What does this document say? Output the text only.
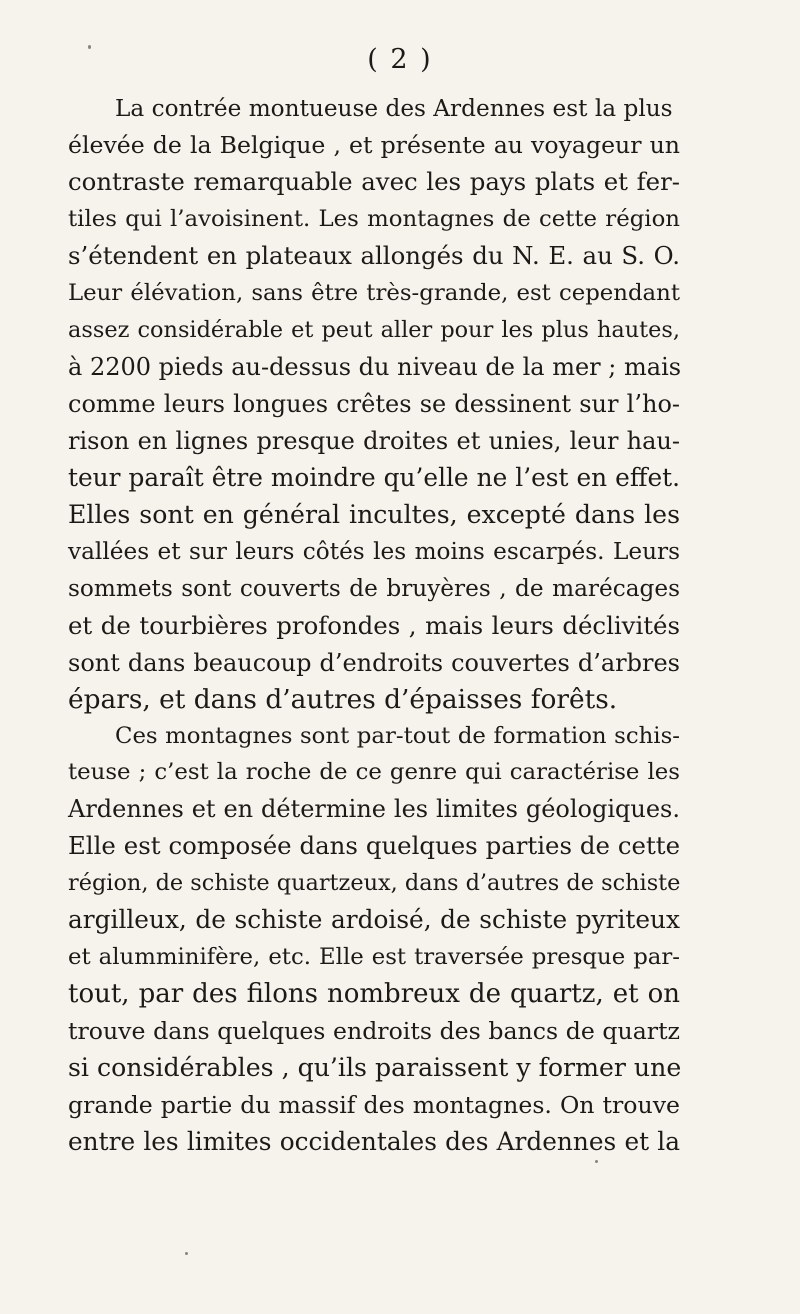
( 2 )
La contrée montueuse des Ardennes est la plus
élevée de la Belgique , et présente au voyageur un
contraste remarquable avec les pays plats et fer-
tiles qui l’avoisinent. Les montagnes de cette région
s’étendent en plateaux allongés du N. E. au S. O.
Leur élévation, sans être très-grande, est cependant
assez considérable et peut aller pour les plus hautes,
à 2200 pieds au-dessus du niveau de la mer ; mais
comme leurs longues crêtes se dessinent sur l’ho-
rison en lignes presque droites et unies, leur hau-
teur paraît être moindre qu’elle ne l’est en effet.
Elles sont en général incultes, excepté dans les
vallées et sur leurs côtés les moins escarpés. Leurs
sommets sont couverts de bruyères , de marécages
et de tourbières profondes , mais leurs déclivités
sont dans beaucoup d’endroits couvertes d’arbres
épars, et dans d’autres d’épaisses forêts.
Ces montagnes sont par-tout de formation schis-
teuse ; c’est la roche de ce genre qui caractérise les
Ardennes et en détermine les limites géologiques.
Elle est composée dans quelques parties de cette
région, de schiste quartzeux, dans d’autres de schiste
argilleux, de schiste ardoisé, de schiste pyriteux
et alumminifère, etc. Elle est traversée presque par-
tout, par des filons nombreux de quartz, et on
trouve dans quelques endroits des bancs de quartz
si considérables , qu’ils paraissent y former une
grande partie du massif des montagnes. On trouve
entre les limites occidentales des Ardennes et la
